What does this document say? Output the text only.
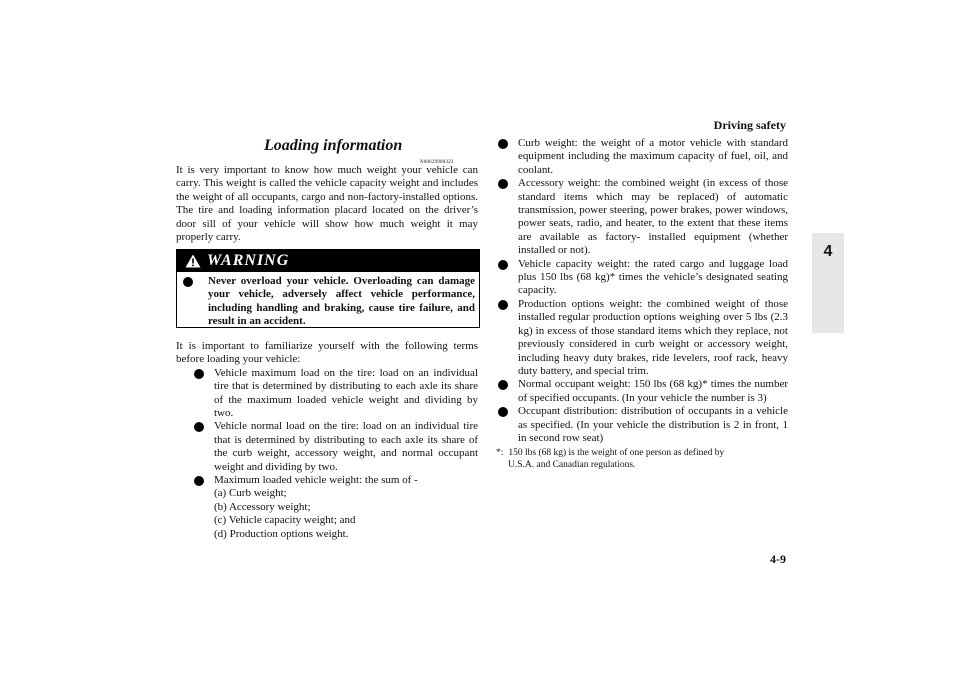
Driving safety
4
Loading information
N00629900323

It is very important to know how much weight your vehicle can carry. This weight is called the vehicle capacity weight and includes the weight of all occupants, cargo and non-factory-installed options. The tire and loading information placard located on the driver’s door sill of your vehicle will show how much weight it may properly carry.

WARNING
Never overload your vehicle. Overloading can damage your vehicle, adversely affect vehicle performance, including handling and braking, cause tire failure, and result in an accident.

It is important to familiarize yourself with the following terms before loading your vehicle:

Vehicle maximum load on the tire: load on an individual tire that is determined by distributing to each axle its share of the maximum loaded vehicle weight and dividing by two.
Vehicle normal load on the tire: load on an individual tire that is determined by distributing to each axle its share of the curb weight, accessory weight, and normal occupant weight and dividing by two.
Maximum loaded vehicle weight: the sum of -
(a) Curb weight;
(b) Accessory weight;
(c) Vehicle capacity weight; and
(d) Production options weight.
Curb weight: the weight of a motor vehicle with standard equipment including the maximum capacity of fuel, oil, and coolant.
Accessory weight: the combined weight (in excess of those standard items which may be replaced) of automatic transmission, power steering, power brakes, power windows, power seats, radio, and heater, to the extent that these items are available as factory- installed equipment (whether installed or not).
Vehicle capacity weight: the rated cargo and luggage load plus 150 lbs (68 kg)* times the vehicle’s designated seating capacity.
Production options weight: the combined weight of those installed regular production options weighing over 5 lbs (2.3 kg) in excess of those standard items which they replace, not previously considered in curb weight or accessory weight, including heavy duty brakes, ride levelers, roof rack, heavy duty battery, and special trim.
Normal occupant weight: 150 lbs (68 kg)* times the number of specified occupants. (In your vehicle the number is 3)
Occupant distribution: distribution of occupants in a vehicle as specified. (In your vehicle the distribution is 2 in front, 1 in second row seat)
*: 150 lbs (68 kg) is the weight of one person as defined by
U.S.A. and Canadian regulations.
4-9
